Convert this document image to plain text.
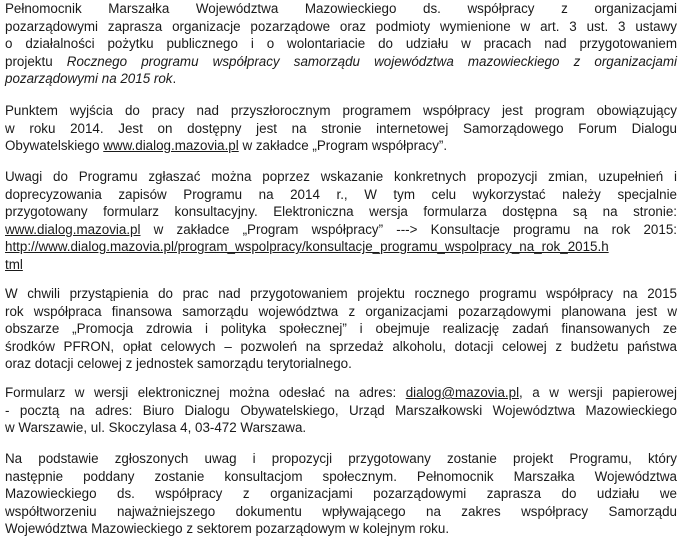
Pełnomocnik Marszałka Województwa Mazowieckiego ds. współpracy z organizacjami
pozarządowymi zaprasza organizacje pozarządowe oraz podmioty wymienione w art. 3 ust. 3 ustawy
o działalności pożytku publicznego i o wolontariacie do udziału w pracach nad przygotowaniem
projektu Rocznego programu współpracy samorządu województwa mazowieckiego z organizacjami
pozarządowymi na 2015 rok.
Punktem wyjścia do pracy nad przyszłorocznym programem współpracy jest program obowiązujący
w roku 2014. Jest on dostępny jest na stronie internetowej Samorządowego Forum Dialogu
Obywatelskiego www.dialog.mazovia.pl w zakładce „Program współpracy”.
Uwagi do Programu zgłaszać można poprzez wskazanie konkretnych propozycji zmian, uzupełnień i
doprecyzowania zapisów Programu na 2014 r., W tym celu wykorzystać należy specjalnie
przygotowany formularz konsultacyjny. Elektroniczna wersja formularza dostępna są na stronie:
www.dialog.mazovia.pl w zakładce „Program współpracy” ---> Konsultacje programu na rok 2015:
http://www.dialog.mazovia.pl/program_wspolpracy/konsultacje_programu_wspolpracy_na_rok_2015.h
tml
W chwili przystąpienia do prac nad przygotowaniem projektu rocznego programu współpracy na 2015
rok współpraca finansowa samorządu województwa z organizacjami pozarządowymi planowana jest w
obszarze „Promocja zdrowia i polityka społecznej” i obejmuje realizację zadań finansowanych ze
środków PFRON, opłat celowych – pozwoleń na sprzedaż alkoholu, dotacji celowej z budżetu państwa
oraz dotacji celowej z jednostek samorządu terytorialnego.
Formularz w wersji elektronicznej można odesłać na adres: dialog@mazovia.pl, a w wersji papierowej
- pocztą na adres: Biuro Dialogu Obywatelskiego, Urząd Marszałkowski Województwa Mazowieckiego
w Warszawie, ul. Skoczylasa 4, 03-472 Warszawa.
Na podstawie zgłoszonych uwag i propozycji przygotowany zostanie projekt Programu, który
następnie poddany zostanie konsultacjom społecznym. Pełnomocnik Marszałka Województwa
Mazowieckiego ds. współpracy z organizacjami pozarządowymi zaprasza do udziału we
współtworzeniu najważniejszego dokumentu wpływającego na zakres współpracy Samorządu
Województwa Mazowieckiego z sektorem pozarządowym w kolejnym roku.
